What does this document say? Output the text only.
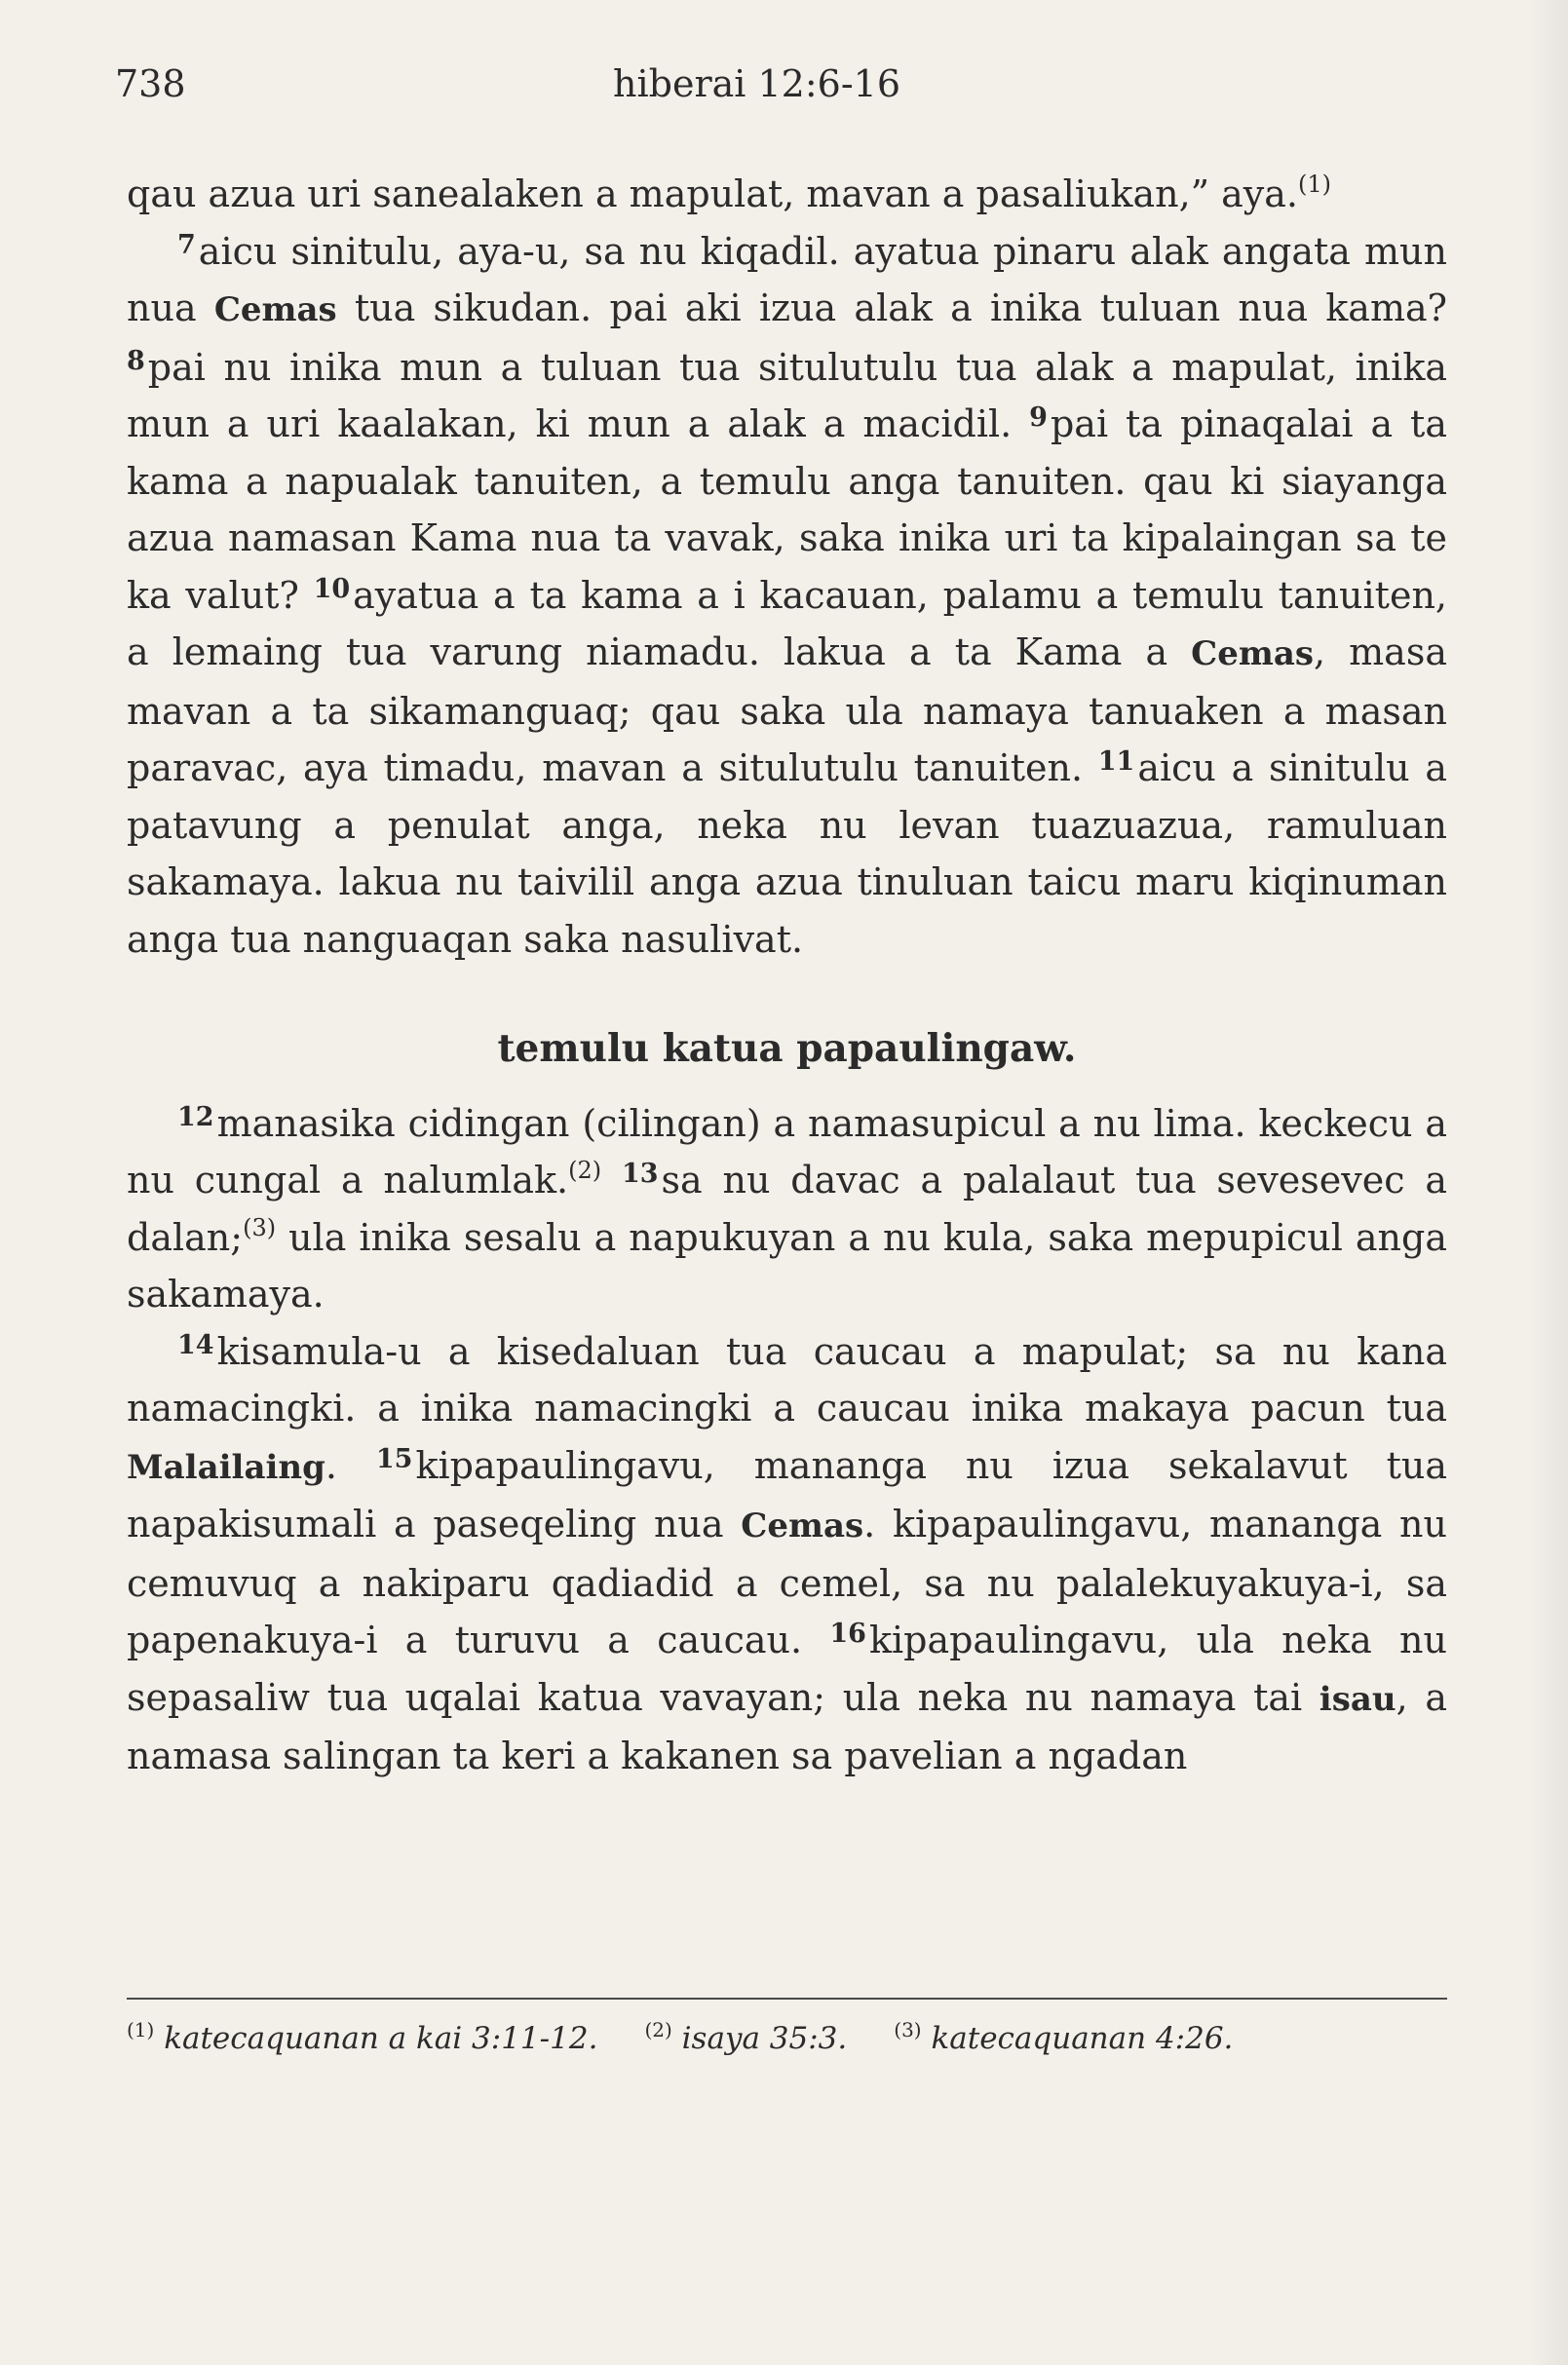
738	hiberai 12:6-16

qau azua uri sanealaken a mapulat, mavan a pasaliukan,” aya.$^{(1)}$

$^7$aicu sinitulu, aya-u, sa nu kiqadil. ayatua pinaru alak angata mun nua Cemas tua sikudan. pai aki izua alak a inika tuluan nua kama? $^8$pai nu inika mun a tuluan tua situlutulu tua alak a mapulat, inika mun a uri kaalakan, ki mun a alak a macidil. $^9$pai ta pinaqalai a ta kama a napualak tanuiten, a temulu anga tanuiten. qau ki siayanga azua namasan Kama nua ta vavak, saka inika uri ta kipalaingan sa te ka valut? $^{10}$ayatua a ta kama a i kacauan, palamu a temulu tanuiten, a lemaing tua varung niamadu. lakua a ta Kama a Cemas, masa mavan a ta sikamanguaq; qau saka ula namaya tanuaken a masan paravac, aya timadu, mavan a situlutulu tanuiten. $^{11}$aicu a sinitulu a patavung a penulat anga, neka nu levan tuazuazua, ramuluan sakamaya. lakua nu taivilil anga azua tinuluan taicu maru kiqinuman anga tua nanguaqan saka nasulivat.

temulu katua papaulingaw.

$^{12}$manasika cidingan (cilingan) a namasupicul a nu lima. keckecu a nu cungal a nalumlak.$^{(2)}$ $^{13}$sa nu davac a palalaut tua sevesevec a dalan;$^{(3)}$ ula inika sesalu a napukuyan a nu kula, saka mepupicul anga sakamaya.

$^{14}$kisamula-u a kisedaluan tua caucau a mapulat; sa nu kana namacingki. a inika namacingki a caucau inika makaya pacun tua Malailaing. $^{15}$kipapaulingavu, mananga nu izua sekalavut tua napakisumali a paseqeling nua Cemas. kipapaulingavu, mananga nu cemuvuq a nakiparu qadiadid a cemel, sa nu palalekuyakuya-i, sa papenakuya-i a turuvu a caucau. $^{16}$kipapaulingavu, ula neka nu sepasaliw tua uqalai katua vavayan; ula neka nu namaya tai isau, a namasa salingan ta keri a kakanen sa pavelian a ngadan

$^{(1)}$ katecaquanan a kai 3:11-12. $^{(2)}$ isaya 35:3. $^{(3)}$ katecaquanan 4:26.
